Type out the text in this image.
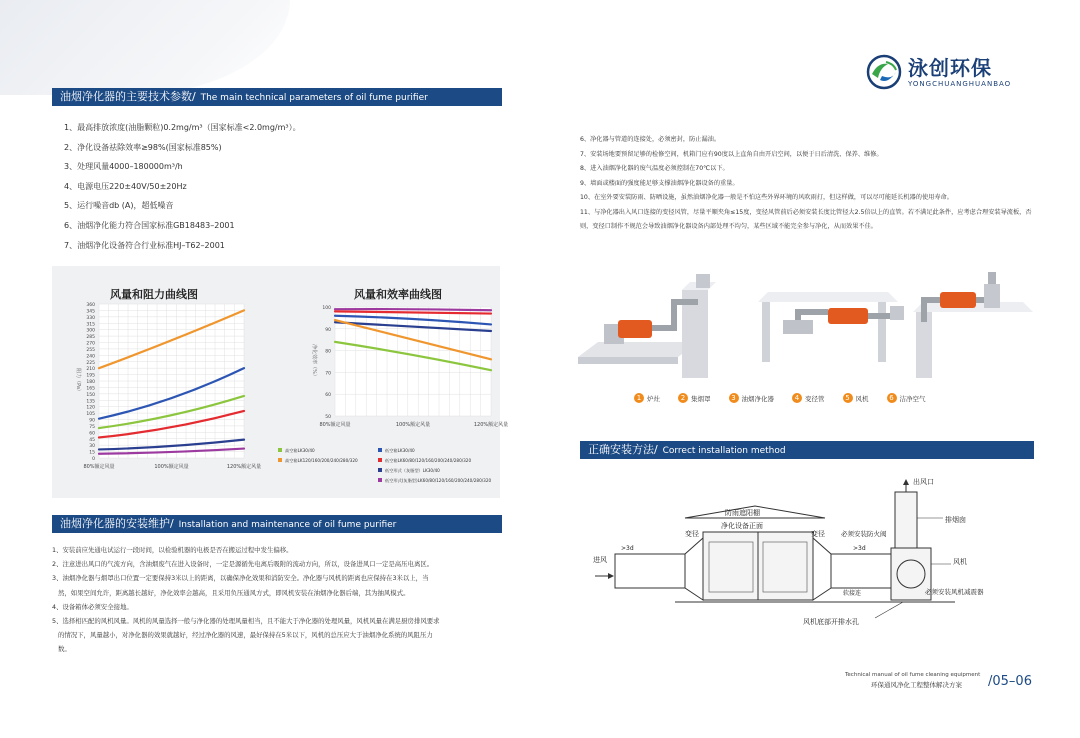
泳创环保
YONGCHUANGHUANBAO
油烟净化器的主要技术参数/ The main technical parameters of oil fume purifier
1、最高排放浓度(油脂颗粒)0.2mg/m³（国家标准<2.0mg/m³）。
2、净化设备祛除效率≥98%(国家标准85%)
3、处理风量4000–180000m³/h
4、电源电压220±40V/50±20Hz
5、运行噪音db (A)，超低噪音
6、油烟净化能力符合国家标准GB18483–2001
7、油烟净化设备符合行业标准HJ–T62–2001
风量和阻力曲线图	风量和效率曲线图
0
15
30
45
60
75
90
105
120
135
150
165
180
195
210
225
240
255
270
285
300
315
330
345
360
80%额定风量	100%额定风量	120%额定风量
阻力（Pa）
高空箱LK30/40
高空箱LK120/160/200/240/280/320
50
60
70
80
90
100
80%额定风量	100%额定风量	120%额定风量
净化效率（%）
低空箱LK30/40
低空箱LK60/80/120/160/200/240/280/320
低空形式（灰脂型）LK30/40
低空形式(灰脂型)LK60/80/120/160/200/240/280/320
油烟净化器的安装维护/ Installation and maintenance of oil fume purifier
1、安装前应先通电试运行一段时间，以检验机器的电极是否在搬运过程中发生偏移。
2、注意进出风口的气流方向，含油烟废气在进入设备时，一定是源循先电离后吸附的流动方向，所以，设备进风口一定是高压电离区。
3、油烟净化器与烟罩出口位置一定要保持3米以上的距离，以确保净化效果和消防安全。净化器与风机的距离也应保持在3米以上，当
然，如果空间允许，距离越长越好，净化效率会越高，且采用负压通风方式，即风机安装在油烟净化器后端，其为抽风模式。
4、设备箱体必须安全接地。
5、选择相匹配的风机风量。风机的风量选择一般与净化器的处理风量相当，且不能大于净化器的处理风量，风机风量在满足厨房排风要求
的情况下，风量越小，对净化器的效果就越好，经过净化器的风速，最好保持在5米以下，风机的总压应大于油烟净化系统的风阻压力
数。
6、净化器与管道的连接处，必须密封，防止漏油。
7、安装场地要预留足够的检修空间，机箱门应有90度以上直角自由开启空间，以便于日后清洗、保养、维修。
8、进入油烟净化器的废气温度必须控制在70℃以下。
9、墙面或楼面的强度能足够支撑油烟净化器设备的重量。
10、在室外要安装防雨、防晒设施，虽然油烟净化器一般是不怕这些外界环境的风吹雨打，但这样做，可以尽可能延长机器的使用寿命。
11、与净化器出入风口连接的变径风管，尽量平顺夹角≤15度，变径风管前后必须安装长度比管径大2.5倍以上的直管。若不满足此条件，应考虑合理安装导流板，否则，变径口制作不规范会导致油烟净化器设备内部处理不均匀，某些区域不能完全参与净化，从而效果不佳。
1 炉灶	2 集烟罩	3 油烟净化器	4 变径管	5 风机	6 洁净空气
正确安装方法/ Correct installation method
防雨遮阳棚
进风
>3d
变径
净化设备正面
变径
>3d
必须安装防火阀
软接连
出风口
排烟囱
风机
必须安装风机减震器
风机底部开排水孔
Technical manual of oil fume cleaning equipment
环保通风净化工程整体解决方案 /05–06
